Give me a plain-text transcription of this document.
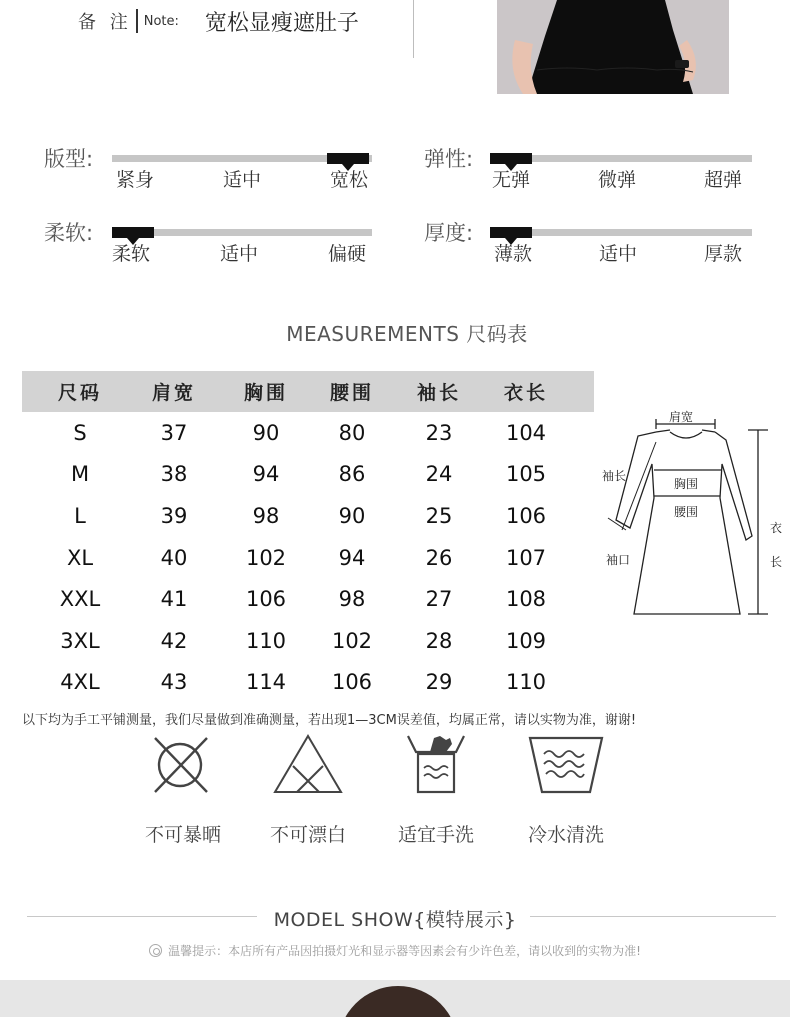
备 注 Note: 宽松显瘦遮肚子
版型:
紧身	适中	宽松
弹性:
无弹	微弹	超弹
柔软:
柔软	适中	偏硬
厚度:
薄款	适中	厚款
MEASUREMENTS 尺码表
尺码	肩宽	胸围	腰围	袖长	衣长
S	37	90	80	23	104
M	38	94	86	24	105
L	39	98	90	25	106
XL	40	102	94	26	107
XXL	41	106	98	27	108
3XL	42	110	102	28	109
4XL	43	114	106	29	110
肩宽
袖长
胸围
腰围
袖口
衣
长
以下均为手工平铺测量，我们尽量做到准确测量，若出现1—3CM误差值，均属正常，请以实物为准，谢谢!
不可暴晒	不可漂白	适宜手洗	冷水清洗
MODEL SHOW{模特展示}
温馨提示：本店所有产品因拍摄灯光和显示器等因素会有少许色差，请以收到的实物为准!
